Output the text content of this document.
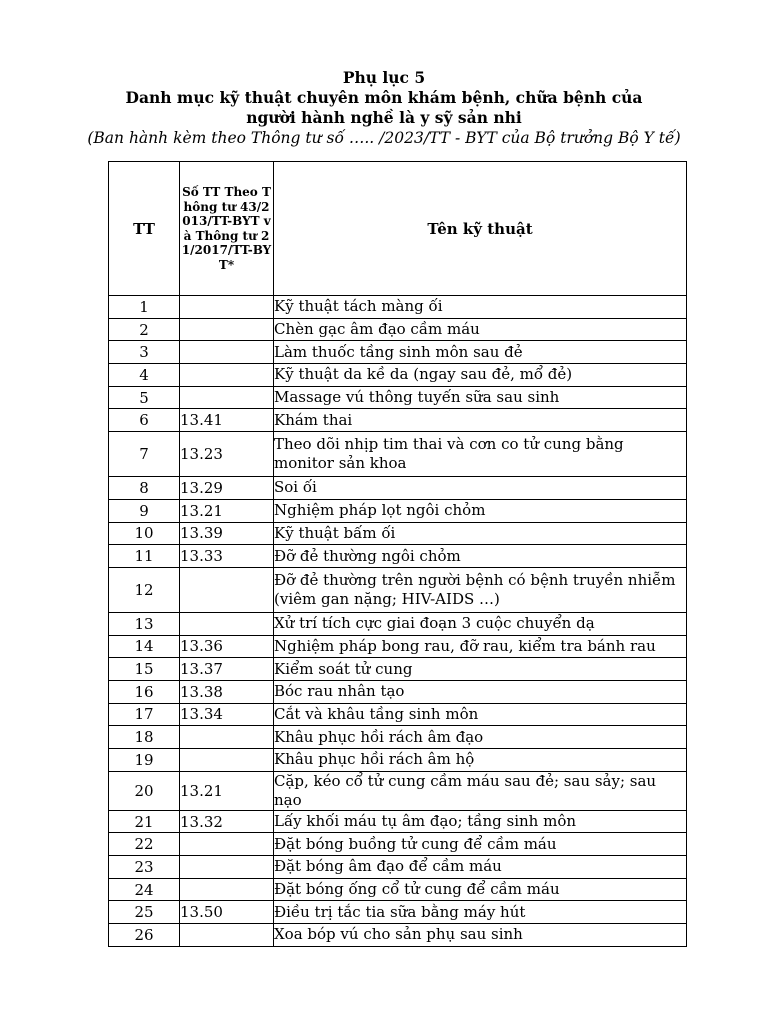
Phụ lục 5
Danh mục kỹ thuật chuyên môn khám bệnh, chữa bệnh của
người hành nghề là y sỹ sản nhi
(Ban hành kèm theo Thông tư số ….. /2023/TT - BYT của Bộ trưởng Bộ Y tế)
TT	Số TT Theo Thông tư 43/2013/TT-BYT và Thông tư 21/2017/TT-BYT*	Tên kỹ thuật
1		Kỹ thuật tách màng ối
2		Chèn gạc âm đạo cầm máu
3		Làm thuốc tầng sinh môn sau đẻ
4		Kỹ thuật da kề da (ngay sau đẻ, mổ đẻ)
5		Massage vú thông tuyến sữa sau sinh
6	13.41	Khám thai
7	13.23	Theo dõi nhịp tim thai và cơn co tử cung bằng monitor sản khoa
8	13.29	Soi ối
9	13.21	Nghiệm pháp lọt ngôi chỏm
10	13.39	Kỹ thuật bấm ối
11	13.33	Đỡ đẻ thường ngôi chỏm
12		Đỡ đẻ thường trên người bệnh có bệnh truyền nhiễm (viêm gan nặng; HIV-AIDS …)
13		Xử trí tích cực giai đoạn 3 cuộc chuyển dạ
14	13.36	Nghiệm pháp bong rau, đỡ rau, kiểm tra bánh rau
15	13.37	Kiểm soát tử cung
16	13.38	Bóc rau nhân tạo
17	13.34	Cắt và khâu tầng sinh môn
18		Khâu phục hồi rách âm đạo
19		Khâu phục hồi rách âm hộ
20	13.21	Cặp, kéo cổ tử cung cầm máu sau đẻ; sau sảy; sau nạo
21	13.32	Lấy khối máu tụ âm đạo; tầng sinh môn
22		Đặt bóng buồng tử cung để cầm máu
23		Đặt bóng âm đạo để cầm máu
24		Đặt bóng ống cổ tử cung để cầm máu
25	13.50	Điều trị tắc tia sữa bằng máy hút
26		Xoa bóp vú cho sản phụ sau sinh
